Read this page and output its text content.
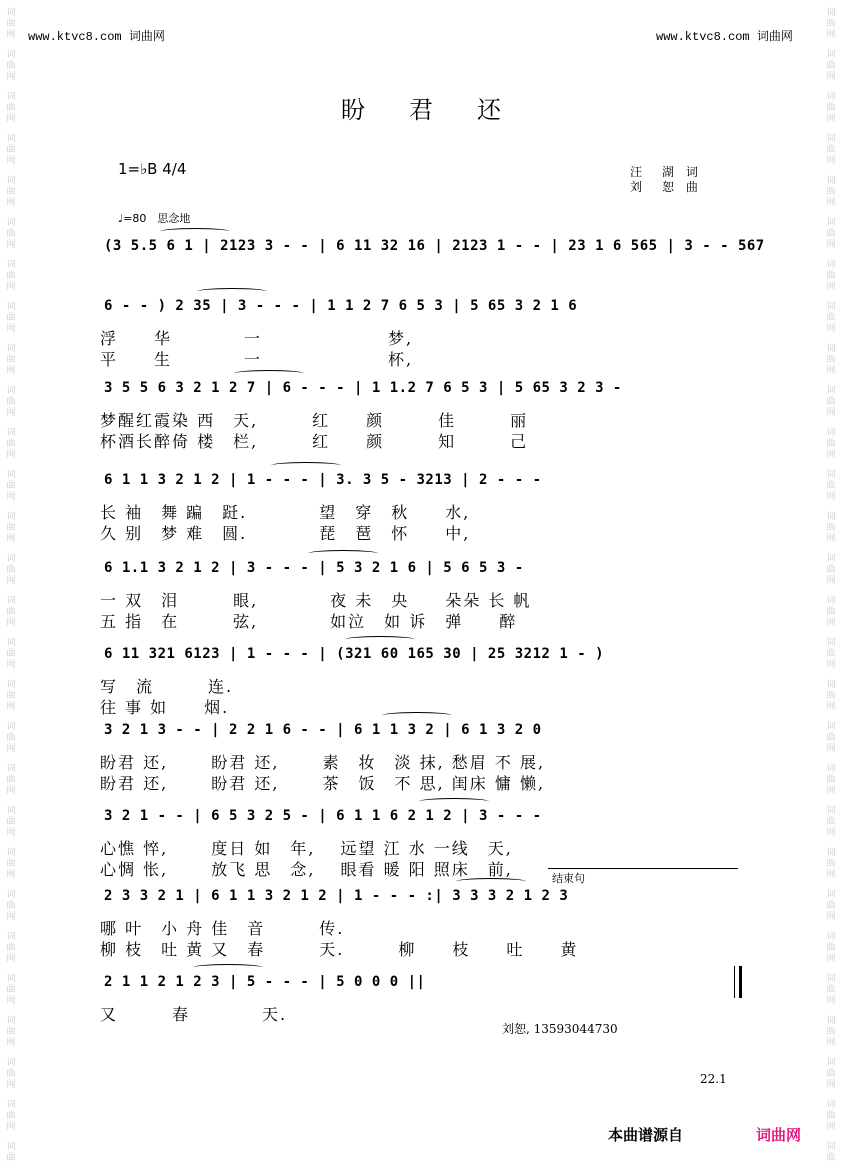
词
曲
网
词
曲
网
词
曲
网
词
曲
网
词
曲
网
词
曲
网
词
曲
网
词
曲
网
词
曲
网
词
曲
网
词
曲
网
词
曲
网
词
曲
网
词
曲
网
词
曲
网
词
曲
网
词
曲
网
词
曲
网
词
曲
网
词
曲
网
词
曲
网
词
曲
网
词
曲
网
词
曲
网
词
曲
网
词
曲
网
词
曲
网
词
曲
词
曲
网
词
曲
网
词
曲
网
词
曲
网
词
曲
网
词
曲
网
词
曲
网
词
曲
网
词
曲
网
词
曲
网
词
曲
网
词
曲
网
词
曲
网
词
曲
网
词
曲
网
词
曲
网
词
曲
网
词
曲
网
词
曲
网
词
曲
网
词
曲
网
词
曲
网
词
曲
网
词
曲
网
词
曲
网
词
曲
网
词
曲
网
词
曲
www.ktvc8.com 词曲网	www.ktvc8.com 词曲网
盼君还
1=♭B 4/4	汪　湖 词
刘　恕 曲
♩=80　思念地
(3 5.5 6 1 | 2123 3 - - | 6 11 32 16 | 2123 1 - - | 23 1 6 565 | 3 - - 567
6 - - ) 2 35 | 3 - - - | 1 1 2 7 6 5 3 | 5 65 3 2 1 6
浮　　华　　　　一　　　　　　　梦,
平　　生　　　　一　　　　　　　杯,
3 5 5 6 3 2 1 2 7 | 6 - - - | 1 1.2 7 6 5 3 | 5 65 3 2 3 -
梦醒红霞染 西　天,　　　红　　颜　　　佳　　　丽
杯酒长醉倚 楼　栏,　　　红　　颜　　　知　　　己
6 1 1 3 2 1 2 | 1 - - - | 3. 3 5 - 3213 | 2 - - -
长 袖　舞 蹁　跹.　　　　望　穿　秋　　水,
久 别　梦 难　圆.　　　　琵　琶　怀　　中,
6 1.1 3 2 1 2 | 3 - - - | 5 3 2 1 6 | 5 6 5 3 -
一 双　泪　　　眼,　　　　夜 未　央　　朵朵 长 帆
五 指　在　　　弦,　　　　如泣　如 诉　弹　　醉
6 11 321 6123 | 1 - - - | (321 60 165 30 | 25 3212 1 - )
写　流　　　连.
往 事 如　　烟.
3 2 1 3 - - | 2 2 1 6 - - | 6 1 1 3 2 | 6 1 3 2 0
盼君 还,　　 盼君 还,　　 素　妆　淡 抹, 愁眉 不 展,
盼君 还,　　 盼君 还,　　 茶　饭　不 思, 闺床 慵 懒,
3 2 1 - - | 6 5 3 2 5 - | 6 1 1 6 2 1 2 | 3 - - -
心憔 悴,　　 度日 如　年,　 远望 江 水 一线　天,
心惆 怅,　　 放飞 思　念,　 眼看 暖 阳 照床　前,
2 3 3 2 1 | 6 1 1 3 2 1 2 | 1 - - - :| 3 3 3 2 1 2 3
哪 叶　小 舟 佳　音　　　传.
柳 枝　吐 黄 又　春　　　天.　　　柳　　枝　　吐　　黄
2 1 1 2 1 2 3 | 5 - - - | 5 0 0 0 ||
又　　　春　　　　天.
结束句
刘恕, 13593044730
22.1
本曲谱源自	词曲网
